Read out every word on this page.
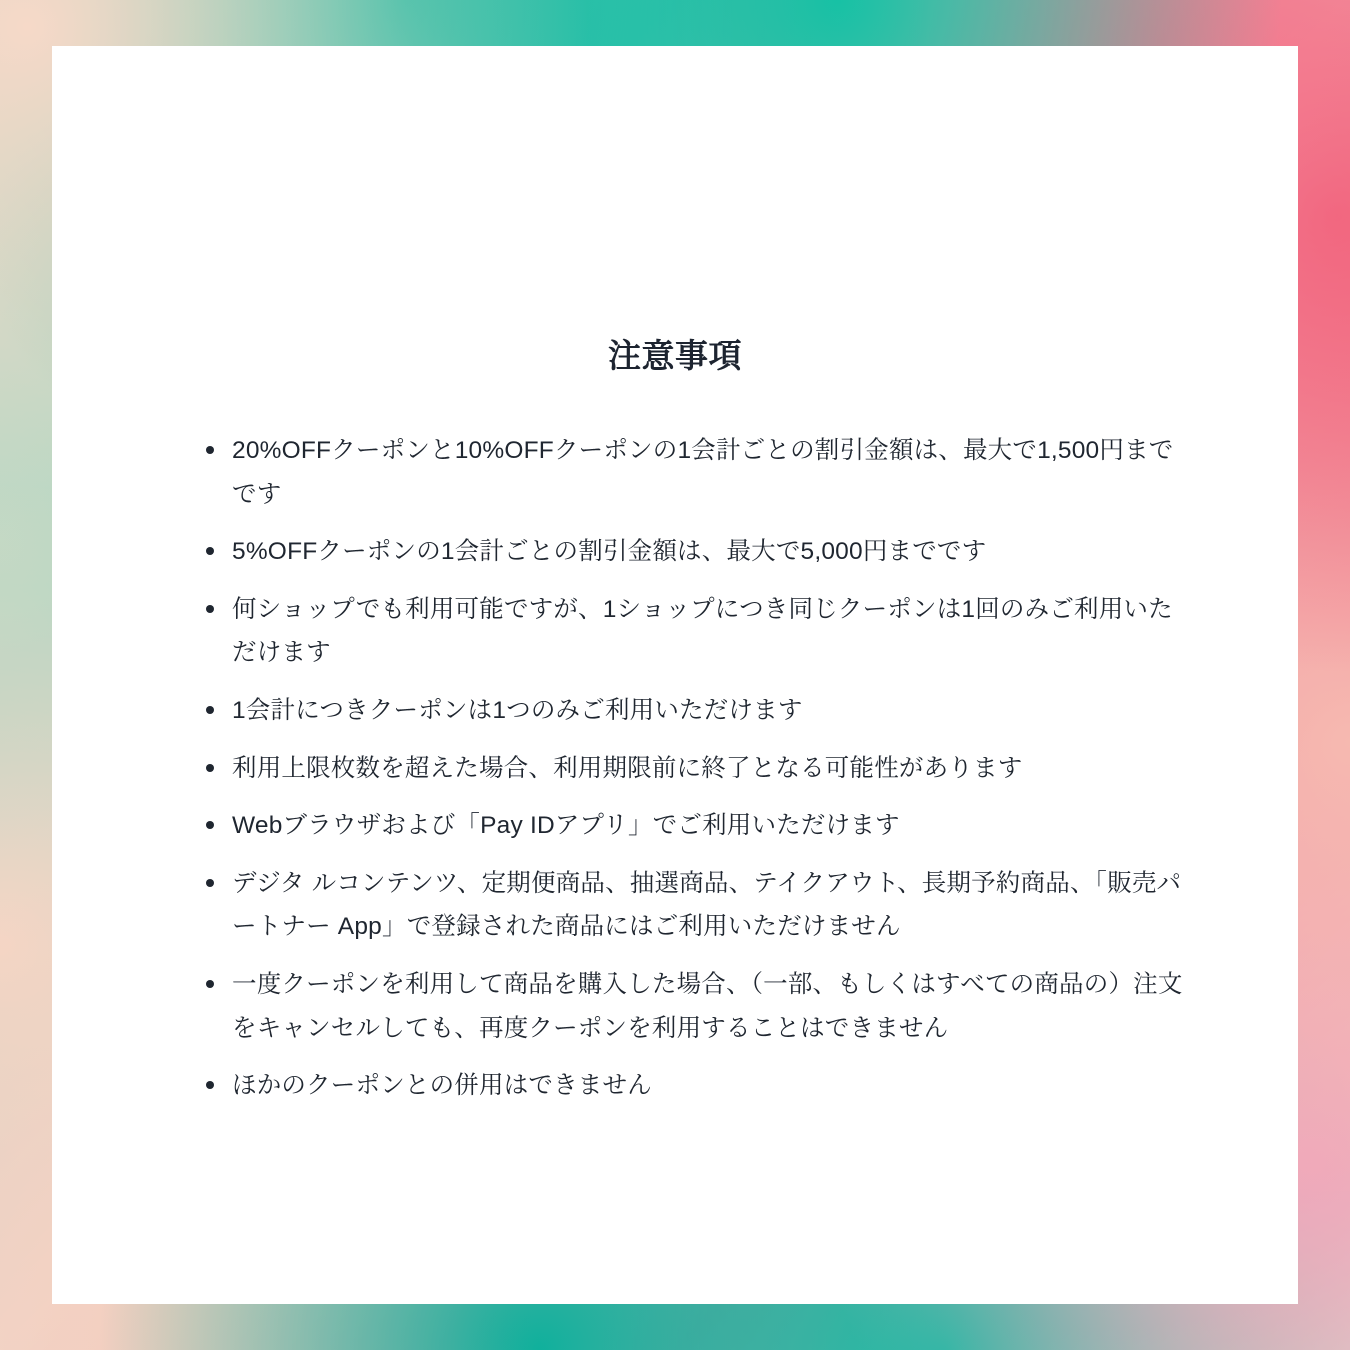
注意事項
20%OFFクーポンと10%OFFクーポンの1会計ごとの割引金額は、最大で1,500円までです
5%OFFクーポンの1会計ごとの割引金額は、最大で5,000円までです
何ショップでも利用可能ですが、1ショップにつき同じクーポンは1回のみご利用いただけます
1会計につきクーポンは1つのみご利用いただけます
利用上限枚数を超えた場合、利用期限前に終了となる可能性があります
Webブラウザおよび「Pay IDアプリ」でご利用いただけます
デジタ ルコンテンツ、定期便商品、抽選商品、テイクアウト、長期予約商品、「販売パートナー App」で登録された商品にはご利用いただけません
一度クーポンを利用して商品を購入した場合、（一部、もしくはすべての商品の）注文をキャンセルしても、再度クーポンを利用することはできません
ほかのクーポンとの併用はできません
